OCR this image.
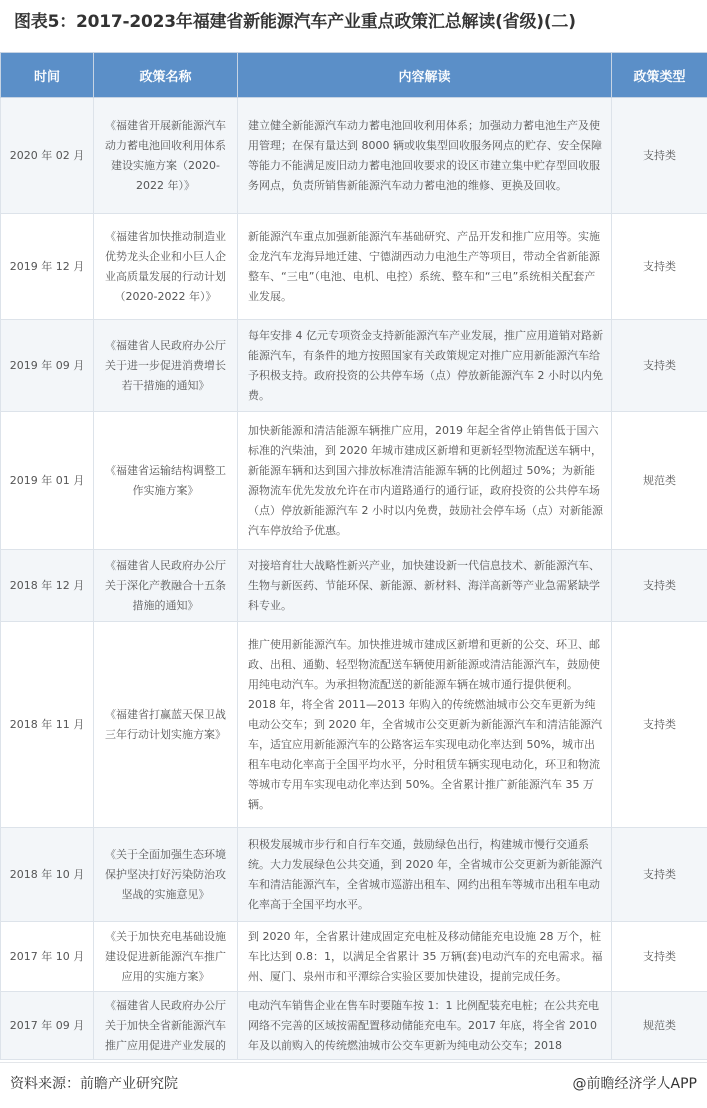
图表5：2017-2023年福建省新能源汽车产业重点政策汇总解读(省级)(二)
时间	政策名称	内容解读	政策类型
2020 年 02 月	《福建省开展新能源汽车动力蓄电池回收利用体系建设实施方案（2020-2022 年）》	建立健全新能源汽车动力蓄电池回收利用体系；加强动力蓄电池生产及使用管理；在保有量达到 8000 辆或收集型回收服务网点的贮存、安全保障等能力不能满足废旧动力蓄电池回收要求的设区市建立集中贮存型回收服务网点，负责所销售新能源汽车动力蓄电池的维修、更换及回收。	支持类
2019 年 12 月	《福建省加快推动制造业优势龙头企业和小巨人企业高质量发展的行动计划（2020-2022 年）》	新能源汽车重点加强新能源汽车基础研究、产品开发和推广应用等。实施金龙汽车龙海异地迁建、宁德湖西动力电池生产等项目，带动全省新能源整车、“三电”（电池、电机、电控）系统、整车和“三电”系统相关配套产业发展。	支持类
2019 年 09 月	《福建省人民政府办公厅关于进一步促进消费增长若干措施的通知》	每年安排 4 亿元专项资金支持新能源汽车产业发展，推广应用道销对路新能源汽车，有条件的地方按照国家有关政策规定对推广应用新能源汽车给予积极支持。政府投资的公共停车场（点）停放新能源汽车 2 小时以内免费。	支持类
2019 年 01 月	《福建省运输结构调整工作实施方案》	加快新能源和清洁能源车辆推广应用，2019 年起全省停止销售低于国六标准的汽柴油，到 2020 年城市建成区新增和更新轻型物流配送车辆中，新能源车辆和达到国六排放标准清洁能源车辆的比例超过 50%；为新能源物流车优先发放允许在市内道路通行的通行证，政府投资的公共停车场（点）停放新能源汽车 2 小时以内免费，鼓励社会停车场（点）对新能源汽车停放给予优惠。	规范类
2018 年 12 月	《福建省人民政府办公厅关于深化产教融合十五条措施的通知》	对接培育壮大战略性新兴产业，加快建设新一代信息技术、新能源汽车、生物与新医药、节能环保、新能源、新材料、海洋高新等产业急需紧缺学科专业。	支持类
2018 年 11 月	《福建省打赢蓝天保卫战三年行动计划实施方案》	推广使用新能源汽车。加快推进城市建成区新增和更新的公交、环卫、邮政、出租、通勤、轻型物流配送车辆使用新能源或清洁能源汽车，鼓励使用纯电动汽车。为承担物流配送的新能源车辆在城市通行提供便利。2018 年，将全省 2011—2013 年购入的传统燃油城市公交车更新为纯电动公交车；到 2020 年，全省城市公交更新为新能源汽车和清洁能源汽车，适宜应用新能源汽车的公路客运车实现电动化率达到 50%，城市出租车电动化率高于全国平均水平，分时租赁车辆实现电动化，环卫和物流等城市专用车实现电动化率达到 50%。全省累计推广新能源汽车 35 万辆。	支持类
2018 年 10 月	《关于全面加强生态环境保护坚决打好污染防治攻坚战的实施意见》	积极发展城市步行和自行车交通，鼓励绿色出行，构建城市慢行交通系统。大力发展绿色公共交通，到 2020 年，全省城市公交更新为新能源汽车和清洁能源汽车，全省城市巡游出租车、网约出租车等城市出租车电动化率高于全国平均水平。	支持类
2017 年 10 月	《关于加快充电基础设施建设促进新能源汽车推广应用的实施方案》	到 2020 年，全省累计建成固定充电桩及移动储能充电设施 28 万个，桩车比达到 0.8：1，以满足全省累计 35 万辆(套)电动汽车的充电需求。福州、厦门、泉州市和平潭综合实验区要加快建设，提前完成任务。	支持类
2017 年 09 月	《福建省人民政府办公厅关于加快全省新能源汽车推广应用促进产业发展的	电动汽车销售企业在售车时要随车按 1：1 比例配装充电桩；在公共充电网络不完善的区域按需配置移动储能充电车。2017 年底，将全省 2010 年及以前购入的传统燃油城市公交车更新为纯电动公交车；2018	规范类
资料来源：前瞻产业研究院	@前瞻经济学人APP
